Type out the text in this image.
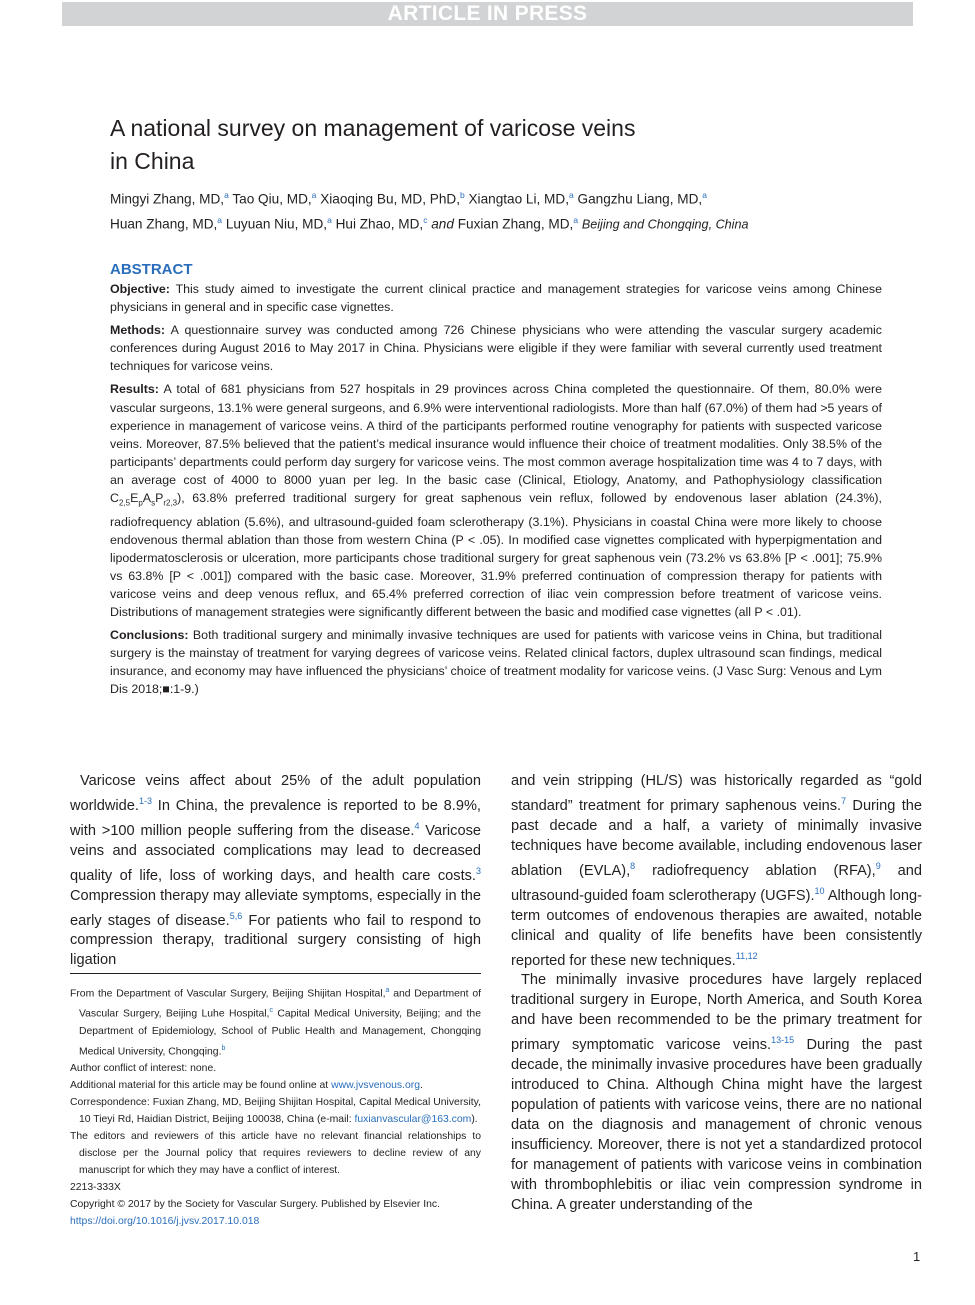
ARTICLE IN PRESS
A national survey on management of varicose veins
in China
Mingyi Zhang, MD,$^a$ Tao Qiu, MD,$^a$ Xiaoqing Bu, MD, PhD,$^b$ Xiangtao Li, MD,$^a$ Gangzhu Liang, MD,$^a$
Huan Zhang, MD,$^a$ Luyuan Niu, MD,$^a$ Hui Zhao, MD,$^c$ and Fuxian Zhang, MD,$^a$ Beijing and Chongqing, China
ABSTRACT

Objective: This study aimed to investigate the current clinical practice and management strategies for varicose veins among Chinese physicians in general and in specific case vignettes.

Methods: A questionnaire survey was conducted among 726 Chinese physicians who were attending the vascular surgery academic conferences during August 2016 to May 2017 in China. Physicians were eligible if they were familiar with several currently used treatment techniques for varicose veins.

Results: A total of 681 physicians from 527 hospitals in 29 provinces across China completed the questionnaire. Of them, 80.0% were vascular surgeons, 13.1% were general surgeons, and 6.9% were interventional radiologists. More than half (67.0%) of them had >5 years of experience in management of varicose veins. A third of the participants performed routine venography for patients with suspected varicose veins. Moreover, 87.5% believed that the patient’s medical insurance would influence their choice of treatment modalities. Only 38.5% of the participants’ departments could perform day surgery for varicose veins. The most common average hospitalization time was 4 to 7 days, with an average cost of 4000 to 8000 yuan per leg. In the basic case (Clinical, Etiology, Anatomy, and Pathophysiology classification $C_{2,5}E_pA_sP_{r2,3}$), 63.8% preferred traditional surgery for great saphenous vein reflux, followed by endovenous laser ablation (24.3%), radiofrequency ablation (5.6%), and ultrasound-guided foam sclerotherapy (3.1%). Physicians in coastal China were more likely to choose endovenous thermal ablation than those from western China (P < .05). In modified case vignettes complicated with hyperpigmentation and lipodermatosclerosis or ulceration, more participants chose traditional surgery for great saphenous vein (73.2% vs 63.8% [P < .001]; 75.9% vs 63.8% [P < .001]) compared with the basic case. Moreover, 31.9% preferred continuation of compression therapy for patients with varicose veins and deep venous reflux, and 65.4% preferred correction of iliac vein compression before treatment of varicose veins. Distributions of management strategies were significantly different between the basic and modified case vignettes (all P < .01).

Conclusions: Both traditional surgery and minimally invasive techniques are used for patients with varicose veins in China, but traditional surgery is the mainstay of treatment for varying degrees of varicose veins. Related clinical factors, duplex ultrasound scan findings, medical insurance, and economy may have influenced the physicians’ choice of treatment modality for varicose veins. (J Vasc Surg: Venous and Lym Dis 2018;■:1-9.)

Varicose veins affect about 25% of the adult population worldwide.$^{1-3}$ In China, the prevalence is reported to be 8.9%, with >100 million people suffering from the disease.$^4$ Varicose veins and associated complications may lead to decreased quality of life, loss of working days, and health care costs.$^3$ Compression therapy may alleviate symptoms, especially in the early stages of disease.$^{5,6}$ For patients who fail to respond to compression therapy, traditional surgery consisting of high ligation

From the Department of Vascular Surgery, Beijing Shijitan Hospital,$^a$ and Department of Vascular Surgery, Beijing Luhe Hospital,$^c$ Capital Medical University, Beijing; and the Department of Epidemiology, School of Public Health and Management, Chongqing Medical University, Chongqing.$^b$

Author conflict of interest: none.

Additional material for this article may be found online at www.jvsvenous.org.

Correspondence: Fuxian Zhang, MD, Beijing Shijitan Hospital, Capital Medical University, 10 Tieyi Rd, Haidian District, Beijing 100038, China (e-mail: fuxianvascular@163.com).

The editors and reviewers of this article have no relevant financial relationships to disclose per the Journal policy that requires reviewers to decline review of any manuscript for which they may have a conflict of interest.

2213-333X

Copyright © 2017 by the Society for Vascular Surgery. Published by Elsevier Inc.

https://doi.org/10.1016/j.jvsv.2017.10.018

and vein stripping (HL/S) was historically regarded as “gold standard” treatment for primary saphenous veins.$^7$ During the past decade and a half, a variety of minimally invasive techniques have become available, including endovenous laser ablation (EVLA),$^8$ radiofrequency ablation (RFA),$^9$ and ultrasound-guided foam sclerotherapy (UGFS).$^{10}$ Although long-term outcomes of endovenous therapies are awaited, notable clinical and quality of life benefits have been consistently reported for these new techniques.$^{11,12}$

The minimally invasive procedures have largely replaced traditional surgery in Europe, North America, and South Korea and have been recommended to be the primary treatment for primary symptomatic varicose veins.$^{13-15}$ During the past decade, the minimally invasive procedures have been gradually introduced to China. Although China might have the largest population of patients with varicose veins, there are no national data on the diagnosis and management of chronic venous insufficiency. Moreover, there is not yet a standardized protocol for management of patients with varicose veins in combination with thrombophlebitis or iliac vein compression syndrome in China. A greater understanding of the

1
